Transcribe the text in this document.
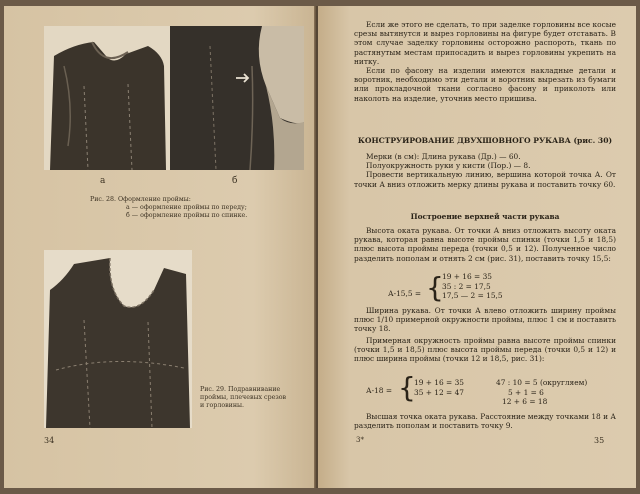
а	б
Рис. 28. Оформление проймы:
а — оформление проймы по переду;
б — оформление проймы по спинке.
Рис. 29. Подравнивание
проймы, плечевых срезов
и горловины.
34

Если же этого не сделать, то при заделке горловины все косые срезы вытянутся и вырез горловины на фигуре будет отставать. В этом случае заделку горловины осторожно распороть, ткань по растянутым местам припосадить и вырез горловины укрепить на нитку.

Если по фасону на изделии имеются накладные детали и воротник, необходимо эти детали и воротник вырезать из бумаги или прокладочной ткани согласно фасону и приколоть или наколоть на изделие, уточнив место пришива.

КОНСТРУИРОВАНИЕ ДВУХШОВНОГО РУКАВА (рис. 30)
Мерки (в см): Длина рукава (Др.) — 60.
Полуокружность руки у кисти (Пор.) — 8.

Провести вертикальную линию, вершина которой точка А. От точки А вниз отложить мерку длины рукава и поставить точку 60.

Построение верхней части рукава

Высота оката рукава. От точки А вниз отложить высоту оката рукава, которая равна высоте проймы спинки (точки 1,5 и 18,5) плюс высота проймы переда (точки 0,5 и 12). Полученное число разделить пополам и отнять 2 см (рис. 31), поставить точку 15,5:

А-15,5 = {
19 + 16 = 35
35 : 2 = 17,5
17,5 — 2 = 15,5

Ширина рукава. От точки А влево отложить ширину проймы плюс 1/10 примерной окружности проймы, плюс 1 см и поставить точку 18.

Примерная окружность проймы равна высоте проймы спинки (точки 1,5 и 18,5) плюс высота проймы переда (точки 0,5 и 12) и плюс ширина проймы (точки 12 и 18,5, рис. 31):

А-18 = {
19 + 16 = 35
35 + 12 = 47
47 : 10 = 5 (округляем)
5 + 1 = 6
12 + 6 = 18

Высшая точка оката рукава. Расстояние между точками 18 и А разделить пополам и поставить точку 9.

3*	35
